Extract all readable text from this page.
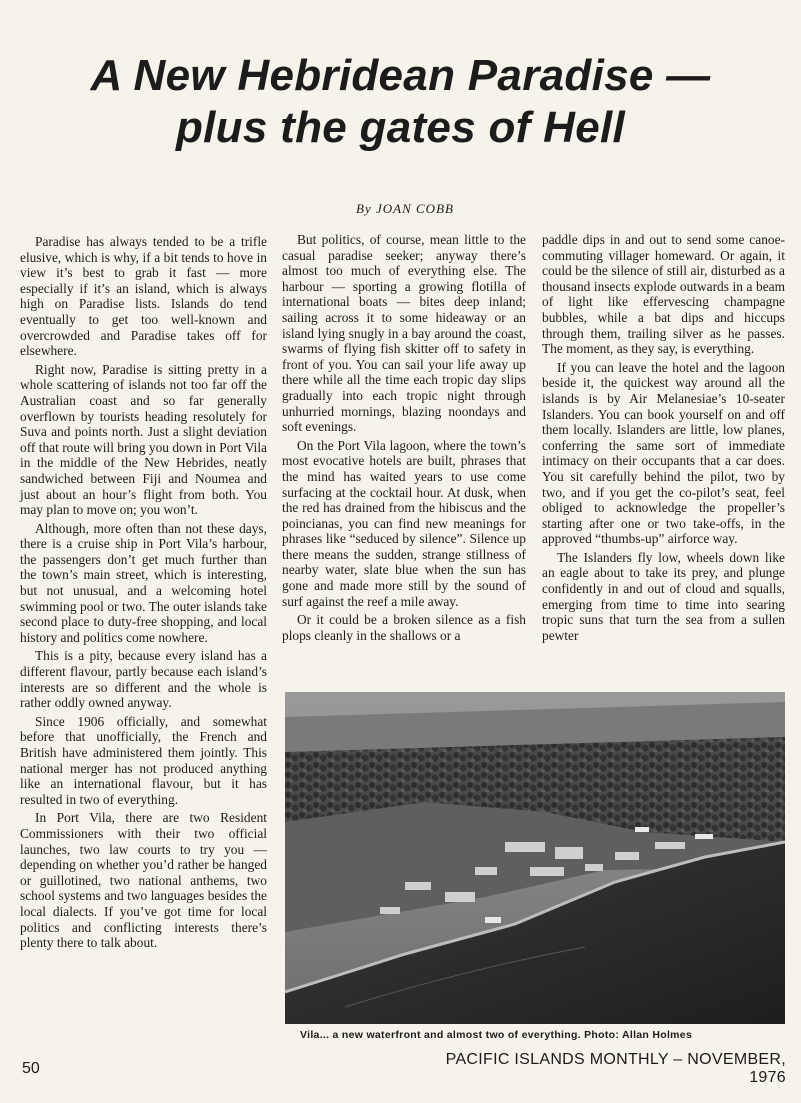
A New Hebridean Paradise —
plus the gates of Hell
By JOAN COBB

Paradise has always tended to be a trifle elusive, which is why, if a bit tends to hove in view it’s best to grab it fast — more especially if it’s an island, which is always high on Paradise lists. Islands do tend eventually to get too well-known and overcrowded and Paradise takes off for elsewhere.

Right now, Paradise is sitting pretty in a whole scattering of islands not too far off the Australian coast and so far generally overflown by tourists heading resolutely for Suva and points north. Just a slight deviation off that route will bring you down in Port Vila in the middle of the New Hebrides, neatly sandwiched between Fiji and Noumea and just about an hour’s flight from both. You may plan to move on; you won’t.

Although, more often than not these days, there is a cruise ship in Port Vila’s harbour, the passengers don’t get much further than the town’s main street, which is interesting, but not unusual, and a welcoming hotel swimming pool or two. The outer islands take second place to duty-free shopping, and local history and politics come nowhere.

This is a pity, because every island has a different flavour, partly because each island’s interests are so different and the whole is rather oddly owned anyway.

Since 1906 officially, and somewhat before that unofficially, the French and British have administered them jointly. This national merger has not produced anything like an international flavour, but it has resulted in two of everything.

In Port Vila, there are two Resident Commissioners with their two official launches, two law courts to try you — depending on whether you’d rather be hanged or guillotined, two national anthems, two school systems and two languages besides the local dialects. If you’ve got time for local politics and conflicting interests there’s plenty there to talk about.

But politics, of course, mean little to the casual paradise seeker; anyway there’s almost too much of everything else. The harbour — sporting a growing flotilla of international boats — bites deep inland; sailing across it to some hideaway or an island lying snugly in a bay around the coast, swarms of flying fish skitter off to safety in front of you. You can sail your life away up there while all the time each tropic day slips gradually into each tropic night through unhurried mornings, blazing noondays and soft evenings.

On the Port Vila lagoon, where the town’s most evocative hotels are built, phrases that the mind has waited years to use come surfacing at the cocktail hour. At dusk, when the red has drained from the hibiscus and the poincianas, you can find new meanings for phrases like “seduced by silence”. Silence up there means the sudden, strange stillness of nearby water, slate blue when the sun has gone and made more still by the sound of surf against the reef a mile away.

Or it could be a broken silence as a fish plops cleanly in the shallows or a

paddle dips in and out to send some canoe-commuting villager homeward. Or again, it could be the silence of still air, disturbed as a thousand insects explode outwards in a beam of light like effervescing champagne bubbles, while a bat dips and hiccups through them, trailing silver as he passes. The moment, as they say, is everything.

If you can leave the hotel and the lagoon beside it, the quickest way around all the islands is by Air Melanesiae’s 10-seater Islanders. You can book yourself on and off them locally. Islanders are little, low planes, conferring the same sort of immediate intimacy on their occupants that a car does. You sit carefully behind the pilot, two by two, and if you get the co-pilot’s seat, feel obliged to acknowledge the propeller’s starting after one or two take-offs, in the approved “thumbs-up” airforce way.

The Islanders fly low, wheels down like an eagle about to take its prey, and plunge confidently in and out of cloud and squalls, emerging from time to time into searing tropic suns that turn the sea from a sullen pewter

Vila... a new waterfront and almost two of everything. Photo: Allan Holmes
50
PACIFIC ISLANDS MONTHLY – NOVEMBER, 1976
